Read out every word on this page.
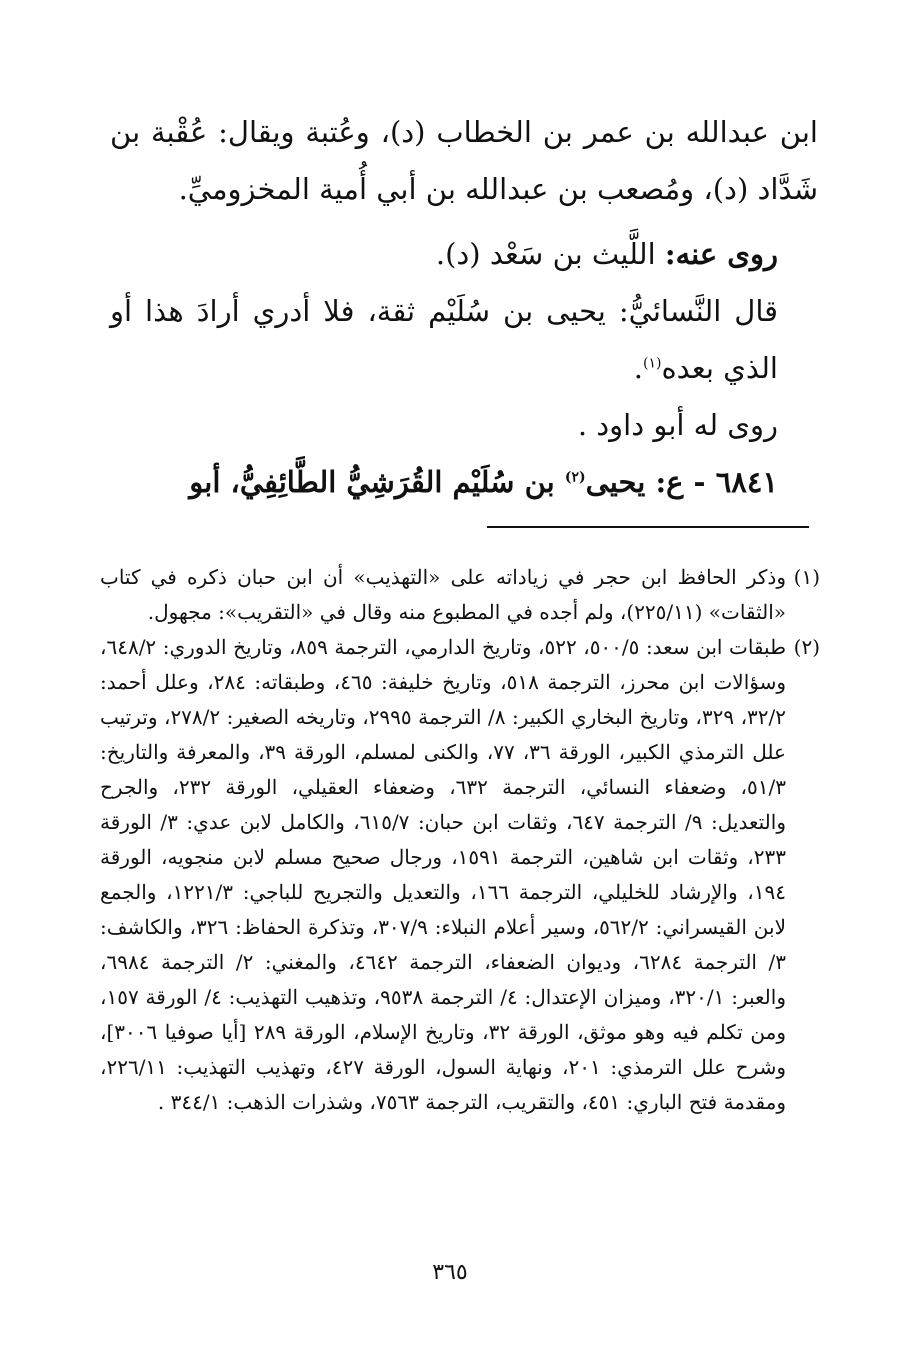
ابن عبدالله بن عمر بن الخطاب (د)، وعُتبة ويقال: عُقْبة بن شَدَّاد (د)، ومُصعب بن عبدالله بن أبي أُمية المخزوميِّ.

روى عنه: اللَّيث بن سَعْد (د).

قال النَّسائيُّ: يحيى بن سُلَيْم ثقة، فلا أدري أرادَ هذا أو الذي بعده$^{(١)}$.

روى له أبو داود .

٦٨٤١ - ع: يحيى$^{(٢)}$ بن سُلَيْم القُرَشِيُّ الطَّائِفِيُّ، أبو

(١)
وذكر الحافظ ابن حجر في زياداته على «التهذيب» أن ابن حبان ذكره في كتاب «الثقات» (٢٢٥/١١)، ولم أجده في المطبوع منه وقال في «التقريب»: مجهول.
(٢)
طبقات ابن سعد: ٥٠٠/٥، ٥٢٢، وتاريخ الدارمي، الترجمة ٨٥٩، وتاريخ الدوري: ٦٤٨/٢، وسؤالات ابن محرز، الترجمة ٥١٨، وتاريخ خليفة: ٤٦٥، وطبقاته: ٢٨٤، وعلل أحمد: ٣٢/٢، ٣٢٩، وتاريخ البخاري الكبير: ٨/ الترجمة ٢٩٩٥، وتاريخه الصغير: ٢٧٨/٢، وترتيب علل الترمذي الكبير، الورقة ٣٦، ٧٧، والكنى لمسلم، الورقة ٣٩، والمعرفة والتاريخ: ٥١/٣، وضعفاء النسائي، الترجمة ٦٣٢، وضعفاء العقيلي، الورقة ٢٣٢، والجرح والتعديل: ٩/ الترجمة ٦٤٧، وثقات ابن حبان: ٦١٥/٧، والكامل لابن عدي: ٣/ الورقة ٢٣٣، وثقات ابن شاهين، الترجمة ١٥٩١، ورجال صحيح مسلم لابن منجويه، الورقة ١٩٤، والإرشاد للخليلي، الترجمة ١٦٦، والتعديل والتجريح للباجي: ١٢٢١/٣، والجمع لابن القيسراني: ٥٦٢/٢، وسير أعلام النبلاء: ٣٠٧/٩، وتذكرة الحفاظ: ٣٢٦، والكاشف: ٣/ الترجمة ٦٢٨٤، وديوان الضعفاء، الترجمة ٤٦٤٢، والمغني: ٢/ الترجمة ٦٩٨٤، والعبر: ٣٢٠/١، وميزان الإعتدال: ٤/ الترجمة ٩٥٣٨، وتذهيب التهذيب: ٤/ الورقة ١٥٧، ومن تكلم فيه وهو موثق، الورقة ٣٢، وتاريخ الإسلام، الورقة ٢٨٩ [أيا صوفيا ٣٠٠٦]، وشرح علل الترمذي: ٢٠١، ونهاية السول، الورقة ٤٢٧، وتهذيب التهذيب: ٢٢٦/١١، ومقدمة فتح الباري: ٤٥١، والتقريب، الترجمة ٧٥٦٣، وشذرات الذهب: ٣٤٤/١ .
٣٦٥
